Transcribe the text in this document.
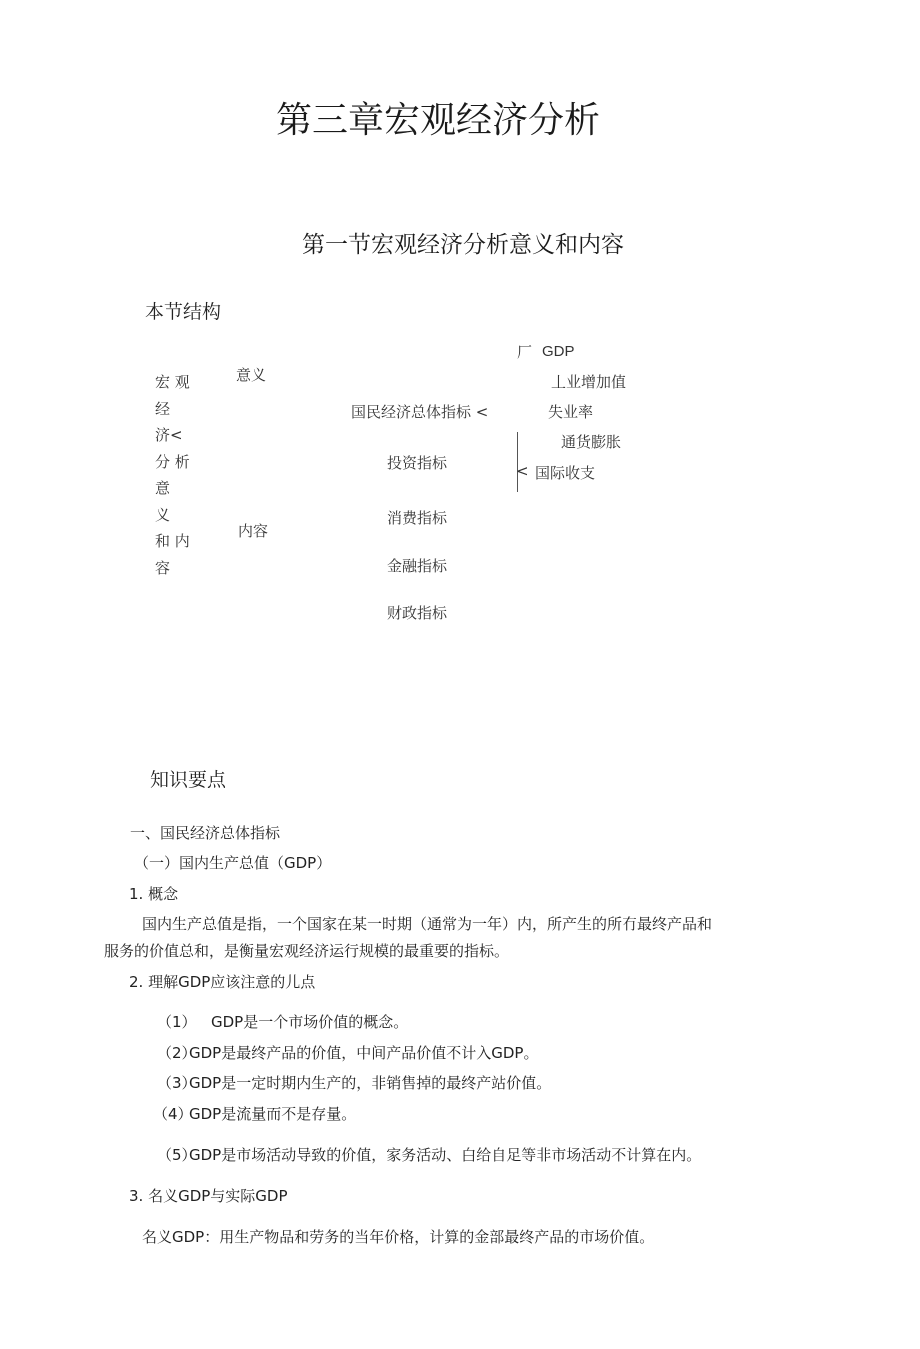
第三章宏观经济分析
第一节宏观经济分析意义和内容
本节结构
宏 观
经
济<
分 析
意
义
和 内
容
意义
内容
国民经济总体指标 <
投资指标
消费指标
金融指标
财政指标
厂 GDP
丄业增加值
失业率
通货膨胀
< 国际收支
知识要点
一、国民经济总体指标
（一）国内生产总值（GDP）
1. 概念
国内生产总值是指，一个国家在某一时期（通常为一年）内，所产生的所冇最终产品和
服务的价值总和，是衡量宏观经济运行规模的最重要的指标。
2. 理解GDP应该注意的儿点
（1） GDP是一个市场价值的概念。
（2）
GDP是最终产品的价值，中间产品价值不计入GDP。
（3）
GDP是一定时期内生产的，非销售掉的最终产站价值。
（4）
GDP是流量而不是存量。
（5）
GDP是市场活动导致的价值，家务活动、白给自足等非市场活动不计算在内。
3. 名义GDP与实际GDP
名义GDP：用生产物品和劳务的当年价格，计算的金部最终产品的市场价值。
